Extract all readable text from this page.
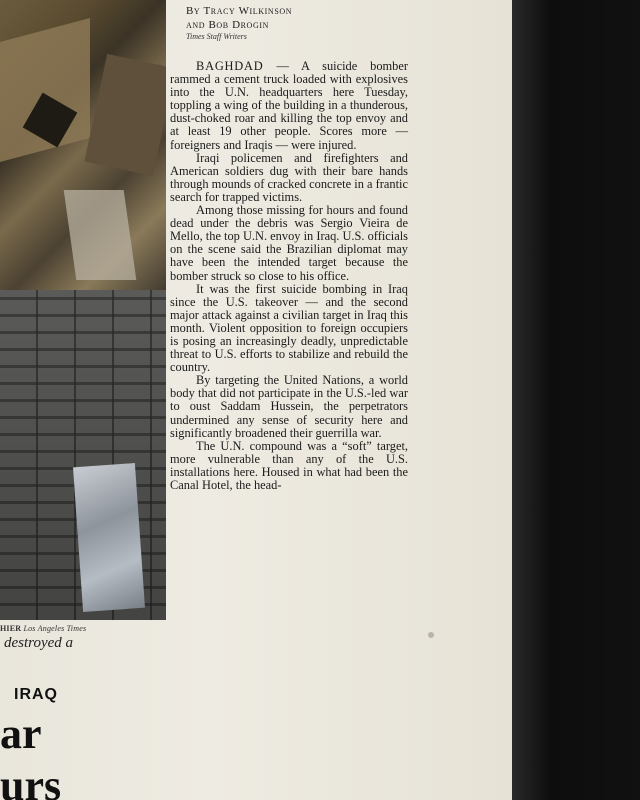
HIER Los Angeles Times
destroyed a
IRAQ
ar
urs
By Tracy Wilkinson
and Bob Drogin
Times Staff Writers

BAGHDAD — A suicide bomber rammed a cement truck loaded with explosives into the U.N. headquarters here Tuesday, toppling a wing of the building in a thunderous, dust-choked roar and killing the top envoy and at least 19 other people. Scores more — foreigners and Iraqis — were injured.

Iraqi policemen and firefighters and American soldiers dug with their bare hands through mounds of cracked concrete in a frantic search for trapped victims.

Among those missing for hours and found dead under the debris was Sergio Vieira de Mello, the top U.N. envoy in Iraq. U.S. officials on the scene said the Brazilian diplomat may have been the intended target because the bomber struck so close to his office.

It was the first suicide bombing in Iraq since the U.S. takeover — and the second major attack against a civilian target in Iraq this month. Violent opposition to foreign occupiers is posing an increasingly deadly, unpredictable threat to U.S. efforts to stabilize and rebuild the country.

By targeting the United Nations, a world body that did not participate in the U.S.-led war to oust Saddam Hussein, the perpetrators undermined any sense of security here and significantly broadened their guerrilla war.

The U.N. compound was a “soft” target, more vulnerable than any of the U.S. installations here. Housed in what had been the Canal Hotel, the head-
